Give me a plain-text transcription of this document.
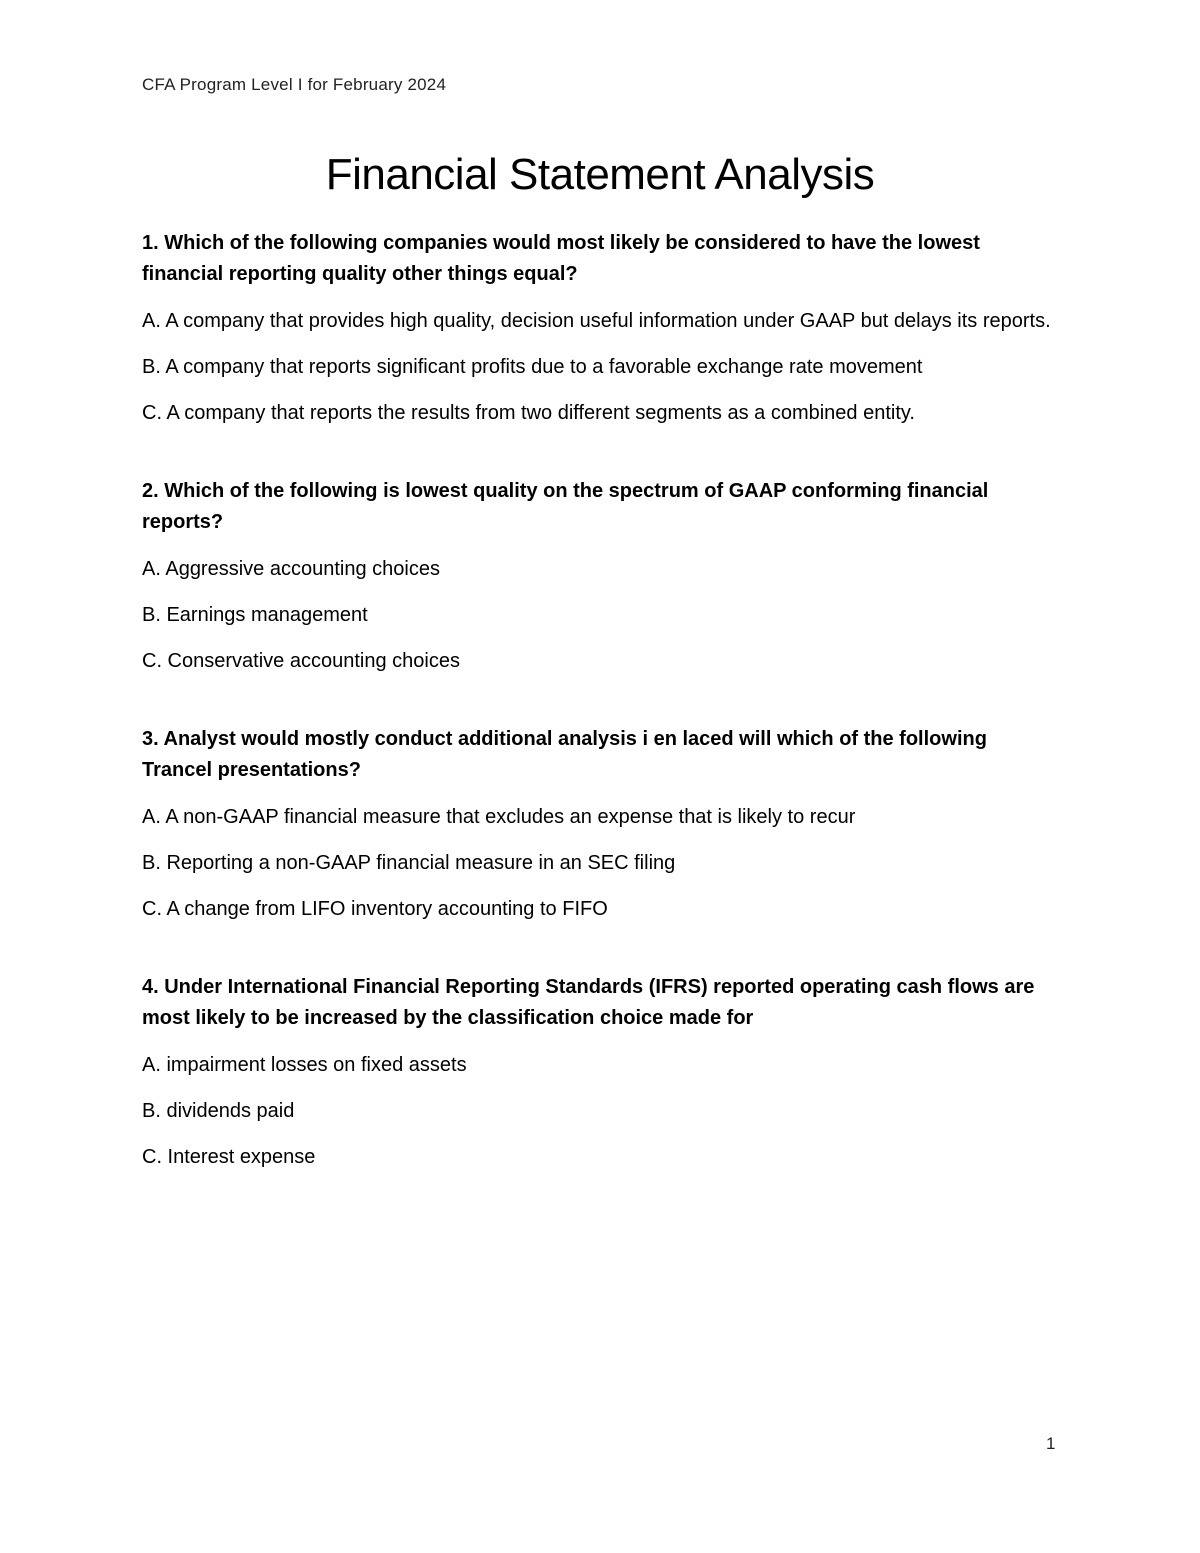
CFA Program Level I for February 2024
Financial Statement Analysis

1. Which of the following companies would most likely be considered to have the lowest financial reporting quality other things equal?

A. A company that provides high quality, decision useful information under GAAP but delays its reports.

B. A company that reports significant profits due to a favorable exchange rate movement

C. A company that reports the results from two different segments as a combined entity.

2. Which of the following is lowest quality on the spectrum of GAAP conforming financial reports?

A. Aggressive accounting choices

B. Earnings management

C. Conservative accounting choices

3. Analyst would mostly conduct additional analysis i en laced will which of the following Trancel presentations?

A. A non-GAAP financial measure that excludes an expense that is likely to recur

B. Reporting a non-GAAP financial measure in an SEC filing

C. A change from LIFO inventory accounting to FIFO

4. Under International Financial Reporting Standards (IFRS) reported operating cash flows are most likely to be increased by the classification choice made for

A. impairment losses on fixed assets

B. dividends paid

C. Interest expense

1
